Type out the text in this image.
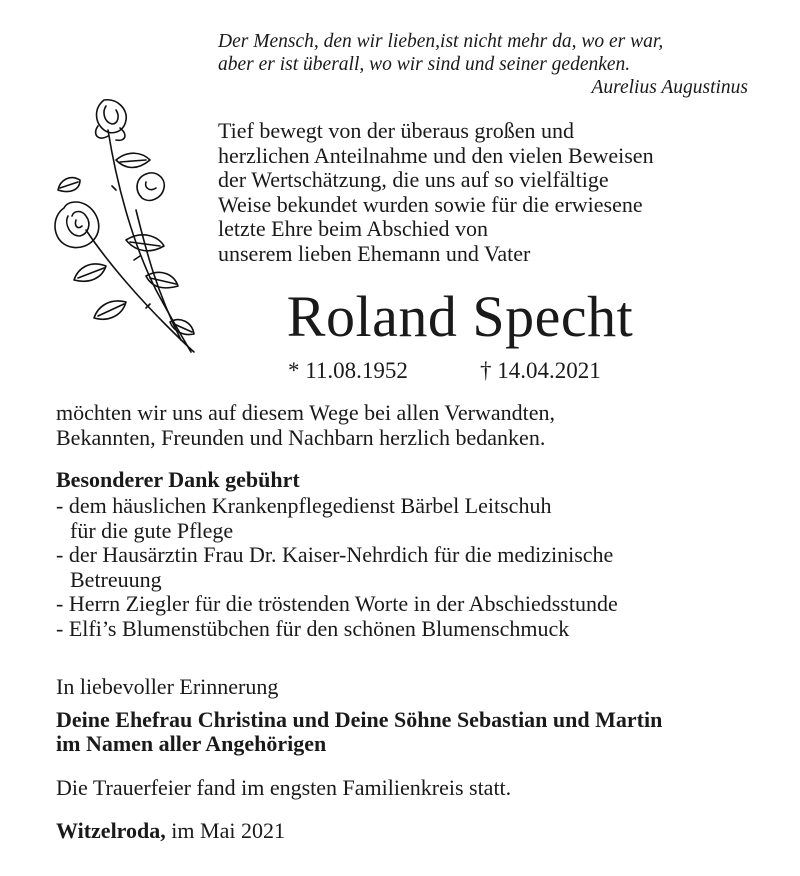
Der Mensch, den wir lieben,ist nicht mehr da, wo er war,
aber er ist überall, wo wir sind und seiner gedenken.
Aurelius Augustinus
Tief bewegt von der überaus großen und
herzlichen Anteilnahme und den vielen Beweisen
der Wertschätzung, die uns auf so vielfältige
Weise bekundet wurden sowie für die erwiesene
letzte Ehre beim Abschied von
unserem lieben Ehemann und Vater
Roland Specht
* 11.08.1952	† 14.04.2021
möchten wir uns auf diesem Wege bei allen Verwandten,
Bekannten, Freunden und Nachbarn herzlich bedanken.
Besonderer Dank gebührt
- dem häuslichen Krankenpflegedienst Bärbel Leitschuh
für die gute Pflege
- der Hausärztin Frau Dr. Kaiser-Nehrdich für die medizinische
Betreuung
- Herrn Ziegler für die tröstenden Worte in der Abschiedsstunde
- Elfi’s Blumenstübchen für den schönen Blumenschmuck
In liebevoller Erinnerung
Deine Ehefrau Christina und Deine Söhne Sebastian und Martin
im Namen aller Angehörigen
Die Trauerfeier fand im engsten Familienkreis statt.
Witzelroda, im Mai 2021
